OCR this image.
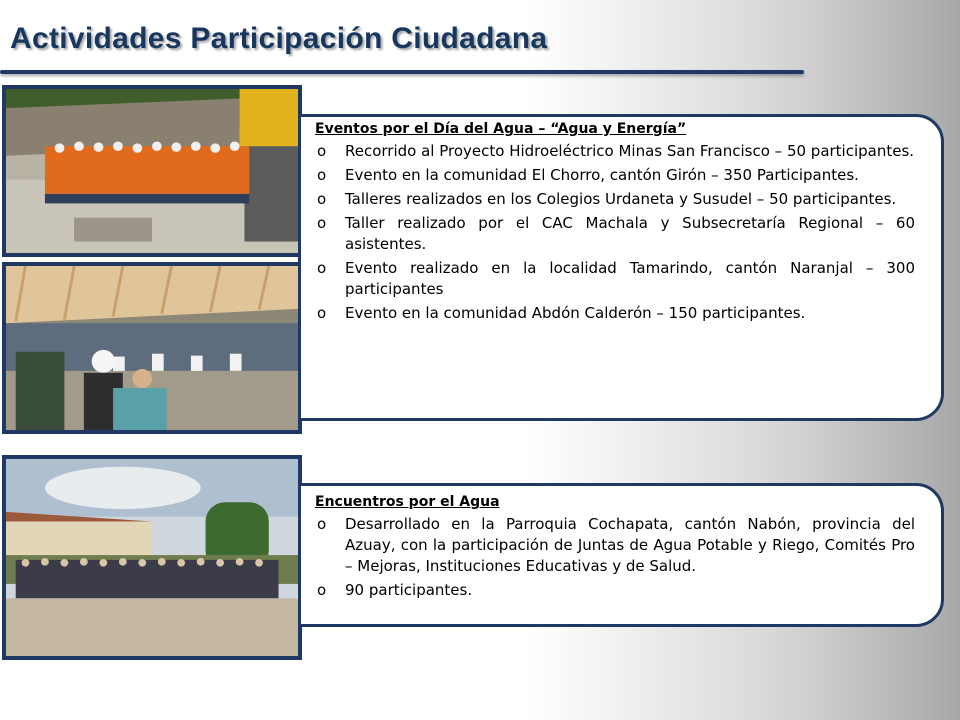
Actividades Participación Ciudadana
Eventos por el Día del Agua – “Agua y Energía”
o Recorrido al Proyecto Hidroeléctrico Minas San Francisco – 50 participantes.
o Evento en la comunidad El Chorro, cantón Girón – 350 Participantes.
o Talleres realizados en los Colegios Urdaneta y Susudel – 50 participantes.
o Taller realizado por el CAC Machala y Subsecretaría Regional – 60 asistentes.
o Evento realizado en la localidad Tamarindo, cantón Naranjal – 300 participantes
o Evento en la comunidad Abdón Calderón – 150 participantes.
Encuentros por el Agua
o Desarrollado en la Parroquia Cochapata, cantón Nabón, provincia del Azuay, con la participación de Juntas de Agua Potable y Riego, Comités Pro – Mejoras, Instituciones Educativas y de Salud.
o 90 participantes.
